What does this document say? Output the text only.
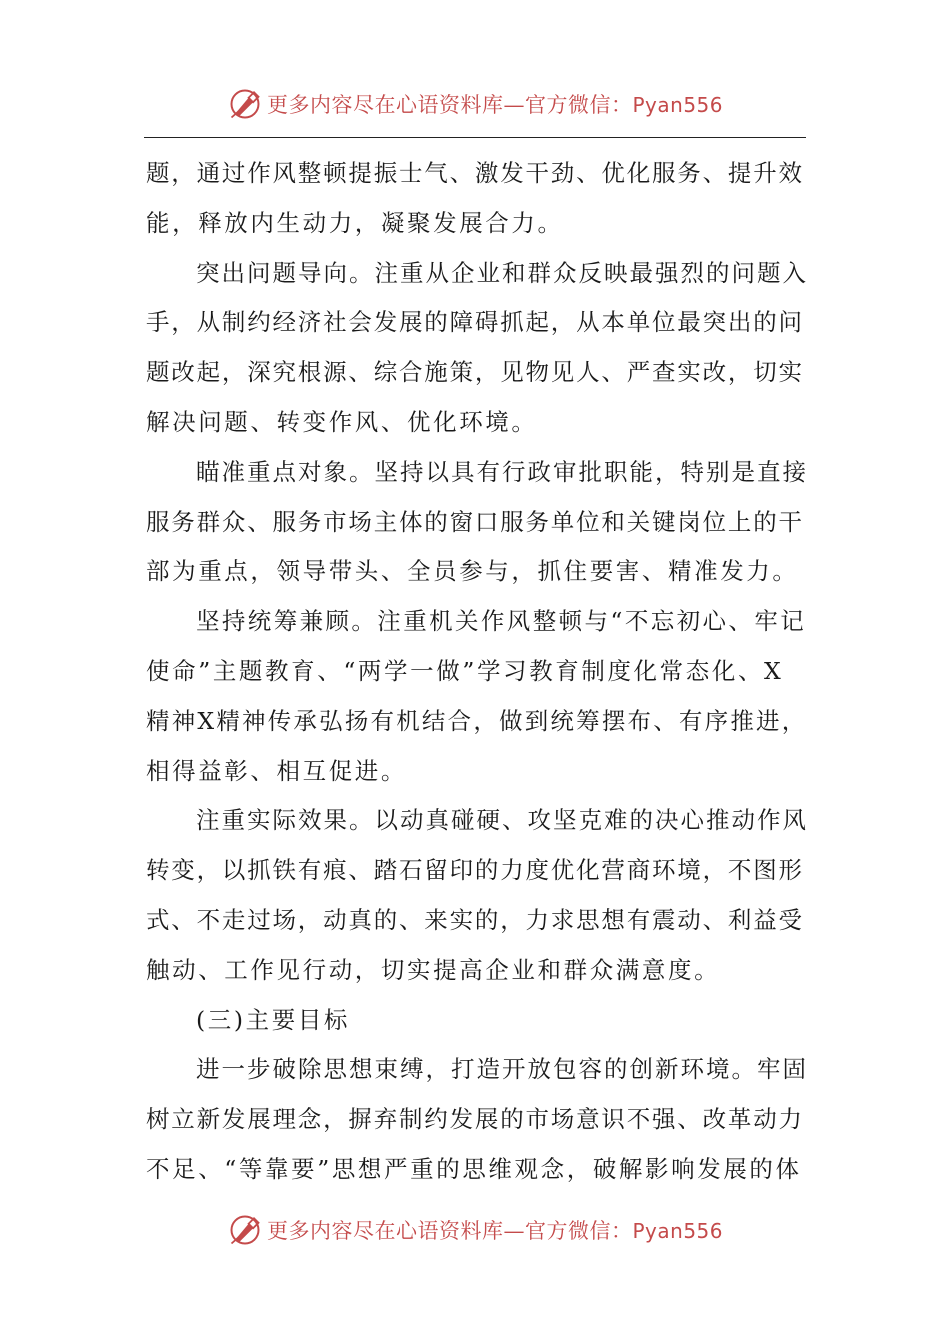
更多内容尽在心语资料库—官方微信：Pyan556
题，通过作风整顿提振士气、激发干劲、优化服务、提升效
能，释放内生动力，凝聚发展合力。
突出问题导向。注重从企业和群众反映最强烈的问题入
手，从制约经济社会发展的障碍抓起，从本单位最突出的问
题改起，深究根源、综合施策，见物见人、严查实改，切实
解决问题、转变作风、优化环境。
瞄准重点对象。坚持以具有行政审批职能，特别是直接
服务群众、服务市场主体的窗口服务单位和关键岗位上的干
部为重点，领导带头、全员参与，抓住要害、精准发力。
坚持统筹兼顾。注重机关作风整顿与“不忘初心、牢记
使命”主题教育、“两学一做”学习教育制度化常态化、X
精神X精神传承弘扬有机结合，做到统筹摆布、有序推进，
相得益彰、相互促进。
注重实际效果。以动真碰硬、攻坚克难的决心推动作风
转变，以抓铁有痕、踏石留印的力度优化营商环境，不图形
式、不走过场，动真的、来实的，力求思想有震动、利益受
触动、工作见行动，切实提高企业和群众满意度。
(三)主要目标
进一步破除思想束缚，打造开放包容的创新环境。牢固
树立新发展理念，摒弃制约发展的市场意识不强、改革动力
不足、“等靠要”思想严重的思维观念，破解影响发展的体
更多内容尽在心语资料库—官方微信：Pyan556
